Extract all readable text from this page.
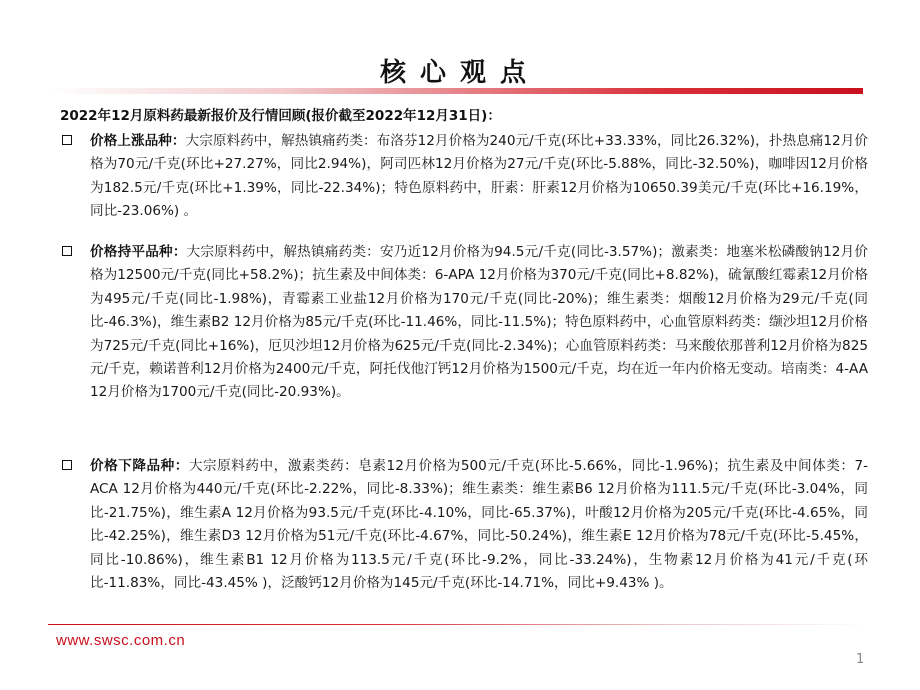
核心观点
2022年12月原料药最新报价及行情回顾(报价截至2022年12月31日)：
价格上涨品种：大宗原料药中，解热镇痛药类：布洛芬12月价格为240元/千克(环比+33.33%，同比26.32%)，扑热息痛12月价格为70元/千克(环比+27.27%，同比2.94%)，阿司匹林12月价格为27元/千克(环比-5.88%，同比-32.50%)，咖啡因12月价格为182.5元/千克(环比+1.39%，同比-22.34%)；特色原料药中，肝素：肝素12月价格为10650.39美元/千克(环比+16.19%，同比-23.06%) 。
价格持平品种：大宗原料药中，解热镇痛药类：安乃近12月价格为94.5元/千克(同比-3.57%)；激素类：地塞米松磷酸钠12月价格为12500元/千克(同比+58.2%)；抗生素及中间体类：6-APA 12月价格为370元/千克(同比+8.82%)，硫氰酸红霉素12月价格为495元/千克(同比-1.98%)，青霉素工业盐12月价格为170元/千克(同比-20%)；维生素类：烟酸12月价格为29元/千克(同比-46.3%)，维生素B2 12月价格为85元/千克(环比-11.46%，同比-11.5%)；特色原料药中，心血管原料药类：缬沙坦12月价格为725元/千克(同比+16%)，厄贝沙坦12月价格为625元/千克(同比-2.34%)；心血管原料药类：马来酸依那普利12月价格为825元/千克，赖诺普利12月价格为2400元/千克，阿托伐他汀钙12月价格为1500元/千克，均在近一年内价格无变动。培南类：4-AA 12月价格为1700元/千克(同比-20.93%)。
价格下降品种：大宗原料药中，激素类药：皂素12月价格为500元/千克(环比-5.66%，同比-1.96%)；抗生素及中间体类：7-ACA 12月价格为440元/千克(环比-2.22%，同比-8.33%)；维生素类：维生素B6 12月价格为111.5元/千克(环比-3.04%，同比-21.75%)，维生素A 12月价格为93.5元/千克(环比-4.10%，同比-65.37%)，叶酸12月价格为205元/千克(环比-4.65%，同比-42.25%)，维生素D3 12月价格为51元/千克(环比-4.67%，同比-50.24%)，维生素E 12月价格为78元/千克(环比-5.45%，同比-10.86%)，维生素B1 12月价格为113.5元/千克(环比-9.2%，同比-33.24%)，生物素12月价格为41元/千克(环比-11.83%，同比-43.45% )，泛酸钙12月价格为145元/千克(环比-14.71%，同比+9.43% )。
www.swsc.com.cn
1
